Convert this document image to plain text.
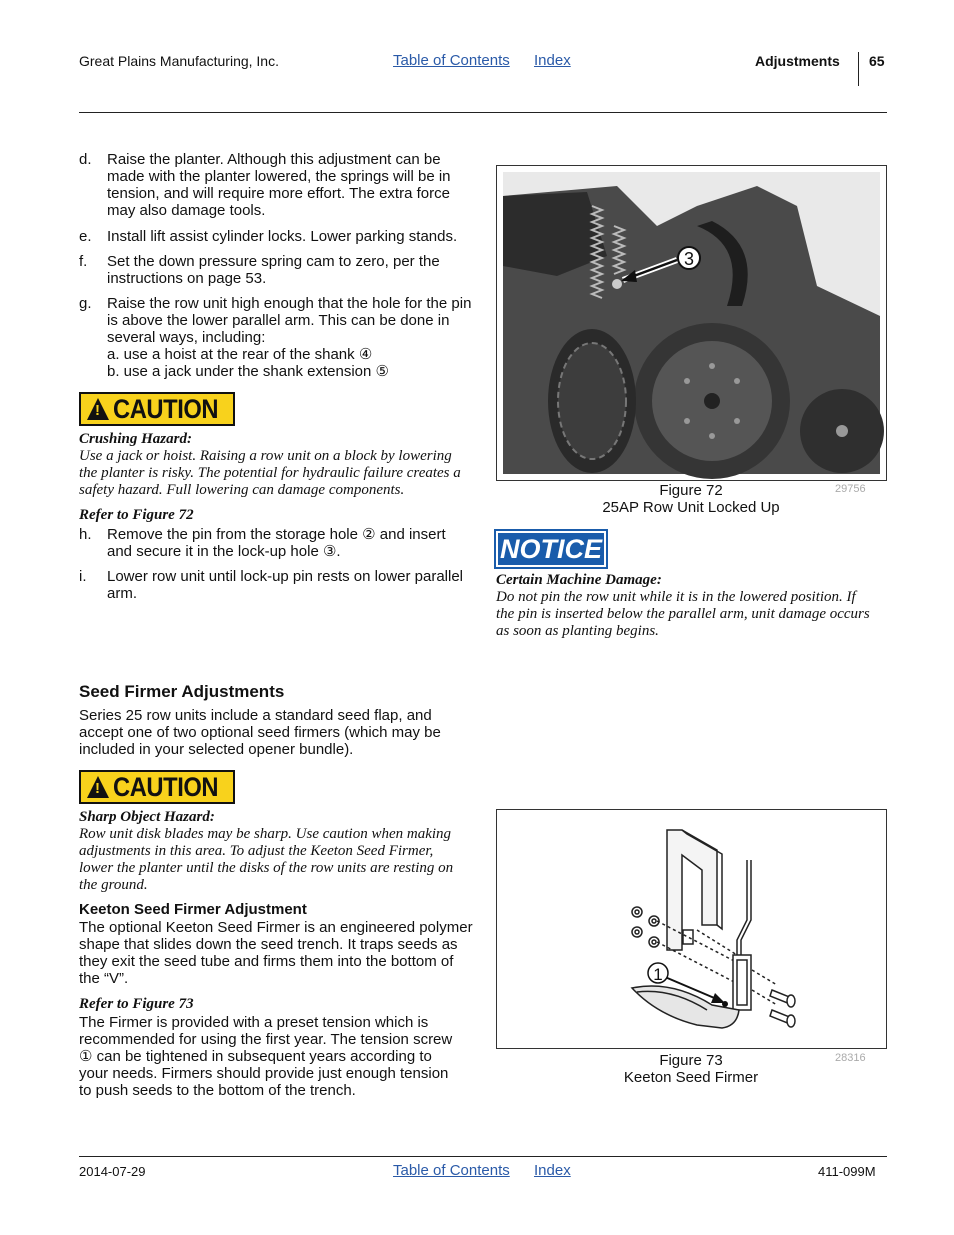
Great Plains Manufacturing, Inc.	Table of Contents Index	Adjustments 65
d. Raise the planter. Although this adjustment can be made with the planter lowered, the springs will be in tension, and will require more effort. The extra force may also damage tools.
e. Install lift assist cylinder locks. Lower parking stands.
f. Set the down pressure spring cam to zero, per the instructions on page 53.
g. Raise the row unit high enough that the hole for the pin is above the lower parallel arm. This can be done in several ways, including:
a. use a hoist at the rear of the shank ④
b. use a jack under the shank extension ⑤
!
CAUTION
Crushing Hazard:
Use a jack or hoist. Raising a row unit on a block by lowering the planter is risky. The potential for hydraulic failure creates a safety hazard. Full lowering can damage components.
Refer to Figure 72
h. Remove the pin from the storage hole ② and insert and secure it in the lock-up hole ③.
i. Lower row unit until lock-up pin rests on lower parallel arm.
3
Figure 72
25AP Row Unit Locked Up
29756
NOTICE
Certain Machine Damage:
Do not pin the row unit while it is in the lowered position. If the pin is inserted below the parallel arm, unit damage occurs as soon as planting begins.
Seed Firmer Adjustments
Series 25 row units include a standard seed flap, and accept one of two optional seed firmers (which may be included in your selected opener bundle).
!
CAUTION
Sharp Object Hazard:
Row unit disk blades may be sharp. Use caution when making adjustments in this area. To adjust the Keeton Seed Firmer, lower the planter until the disks of the row units are resting on the ground.
Keeton Seed Firmer Adjustment
The optional Keeton Seed Firmer is an engineered polymer shape that slides down the seed trench. It traps seeds as they exit the seed tube and firms them into the bottom of the “V”.
Refer to Figure 73
The Firmer is provided with a preset tension which is recommended for using the first year. The tension screw ① can be tightened in subsequent years according to your needs. Firmers should provide just enough tension to push seeds to the bottom of the trench.
1
Figure 73
Keeton Seed Firmer
28316
2014-07-29	Table of Contents Index	411-099M
